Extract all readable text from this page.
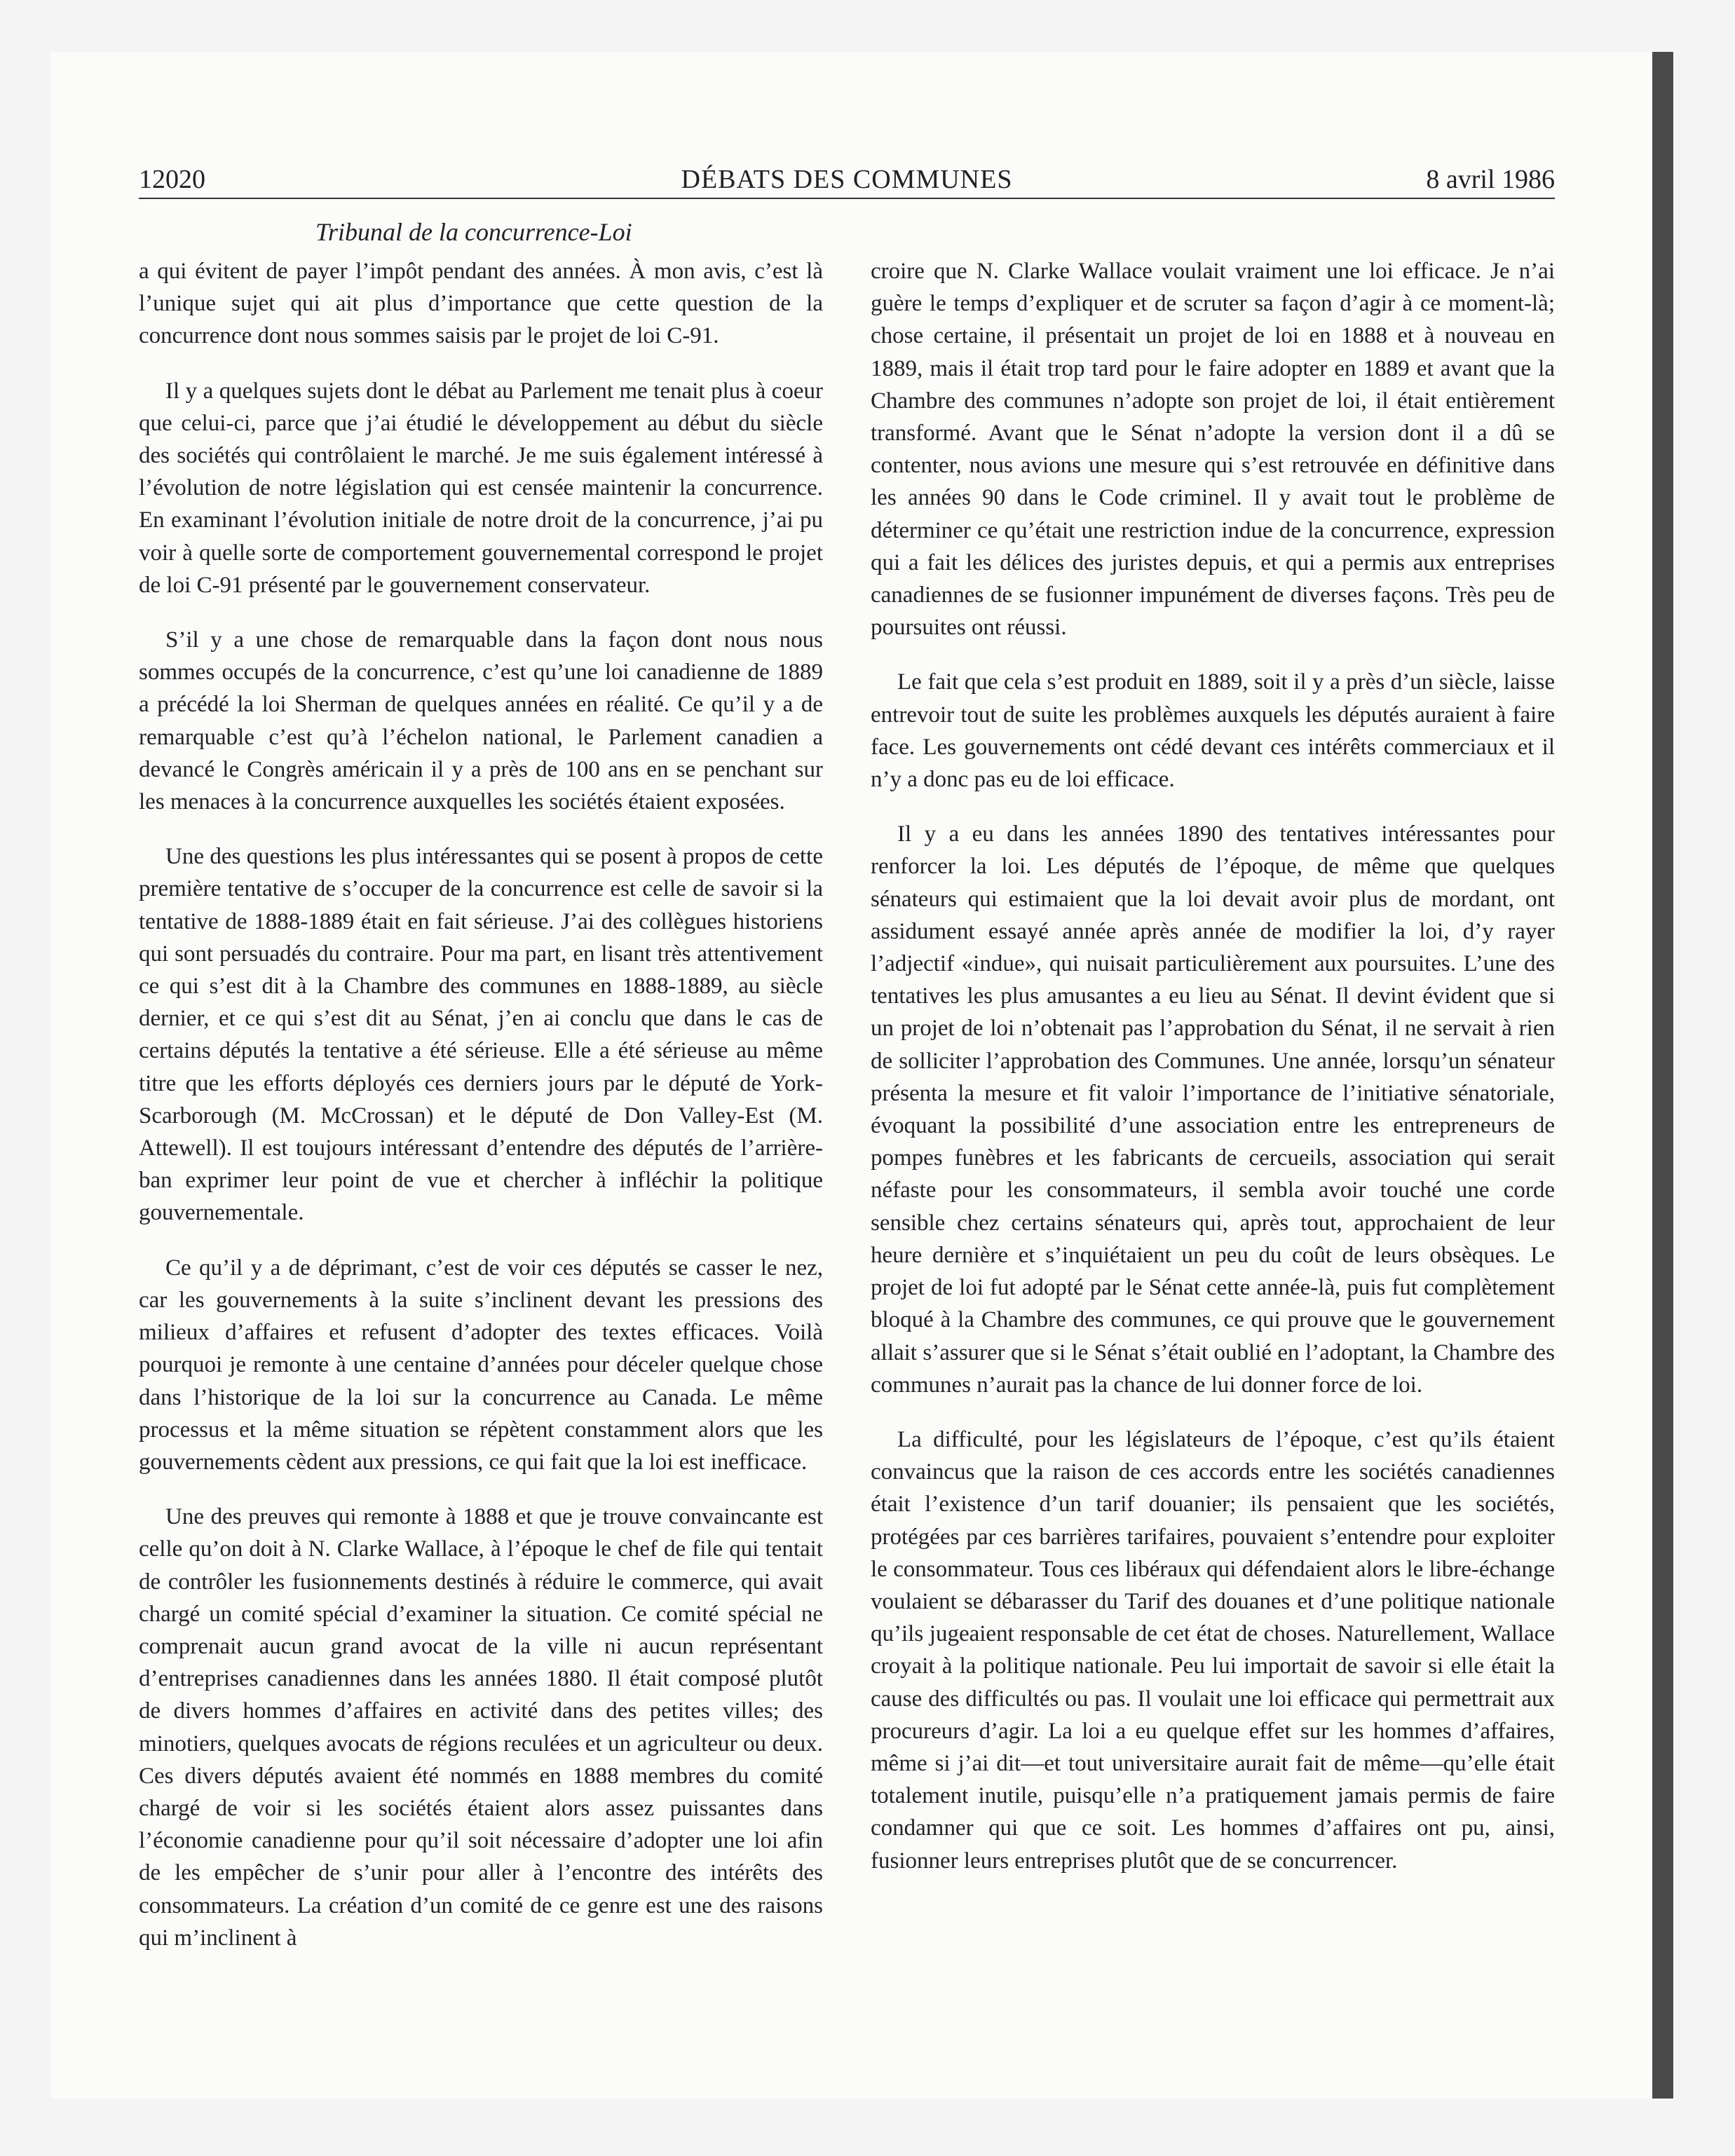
12020	DÉBATS DES COMMUNES	8 avril 1986
Tribunal de la concurrence-Loi

a qui évitent de payer l’impôt pendant des années. À mon avis, c’est là l’unique sujet qui ait plus d’importance que cette question de la concurrence dont nous sommes saisis par le projet de loi C-91.

Il y a quelques sujets dont le débat au Parlement me tenait plus à coeur que celui-ci, parce que j’ai étudié le développement au début du siècle des sociétés qui contrôlaient le marché. Je me suis également intéressé à l’évolution de notre législation qui est censée maintenir la concurrence. En examinant l’évolution initiale de notre droit de la concurrence, j’ai pu voir à quelle sorte de comportement gouvernemental correspond le projet de loi C-91 présenté par le gouvernement conservateur.

S’il y a une chose de remarquable dans la façon dont nous nous sommes occupés de la concurrence, c’est qu’une loi canadienne de 1889 a précédé la loi Sherman de quelques années en réalité. Ce qu’il y a de remarquable c’est qu’à l’échelon national, le Parlement canadien a devancé le Congrès américain il y a près de 100 ans en se penchant sur les menaces à la concurrence auxquelles les sociétés étaient exposées.

Une des questions les plus intéressantes qui se posent à propos de cette première tentative de s’occuper de la concurrence est celle de savoir si la tentative de 1888-1889 était en fait sérieuse. J’ai des collègues historiens qui sont persuadés du contraire. Pour ma part, en lisant très attentivement ce qui s’est dit à la Chambre des communes en 1888-1889, au siècle dernier, et ce qui s’est dit au Sénat, j’en ai conclu que dans le cas de certains députés la tentative a été sérieuse. Elle a été sérieuse au même titre que les efforts déployés ces derniers jours par le député de York-Scarborough (M. McCrossan) et le député de Don Valley-Est (M. Attewell). Il est toujours intéressant d’entendre des députés de l’arrière-ban exprimer leur point de vue et chercher à infléchir la politique gouvernementale.

Ce qu’il y a de déprimant, c’est de voir ces députés se casser le nez, car les gouvernements à la suite s’inclinent devant les pressions des milieux d’affaires et refusent d’adopter des textes efficaces. Voilà pourquoi je remonte à une centaine d’années pour déceler quelque chose dans l’historique de la loi sur la concurrence au Canada. Le même processus et la même situation se répètent constamment alors que les gouvernements cèdent aux pressions, ce qui fait que la loi est inefficace.

Une des preuves qui remonte à 1888 et que je trouve convaincante est celle qu’on doit à N. Clarke Wallace, à l’époque le chef de file qui tentait de contrôler les fusionnements destinés à réduire le commerce, qui avait chargé un comité spécial d’examiner la situation. Ce comité spécial ne comprenait aucun grand avocat de la ville ni aucun représentant d’entreprises canadiennes dans les années 1880. Il était composé plutôt de divers hommes d’affaires en activité dans des petites villes; des minotiers, quelques avocats de régions reculées et un agriculteur ou deux. Ces divers députés avaient été nommés en 1888 membres du comité chargé de voir si les sociétés étaient alors assez puissantes dans l’économie canadienne pour qu’il soit nécessaire d’adopter une loi afin de les empêcher de s’unir pour aller à l’encontre des intérêts des consommateurs. La création d’un comité de ce genre est une des raisons qui m’inclinent à

croire que N. Clarke Wallace voulait vraiment une loi efficace. Je n’ai guère le temps d’expliquer et de scruter sa façon d’agir à ce moment-là; chose certaine, il présentait un projet de loi en 1888 et à nouveau en 1889, mais il était trop tard pour le faire adopter en 1889 et avant que la Chambre des communes n’adopte son projet de loi, il était entièrement transformé. Avant que le Sénat n’adopte la version dont il a dû se contenter, nous avions une mesure qui s’est retrouvée en définitive dans les années 90 dans le Code criminel. Il y avait tout le problème de déterminer ce qu’était une restriction indue de la concurrence, expression qui a fait les délices des juristes depuis, et qui a permis aux entreprises canadiennes de se fusionner impunément de diverses façons. Très peu de poursuites ont réussi.

Le fait que cela s’est produit en 1889, soit il y a près d’un siècle, laisse entrevoir tout de suite les problèmes auxquels les députés auraient à faire face. Les gouvernements ont cédé devant ces intérêts commerciaux et il n’y a donc pas eu de loi efficace.

Il y a eu dans les années 1890 des tentatives intéressantes pour renforcer la loi. Les députés de l’époque, de même que quelques sénateurs qui estimaient que la loi devait avoir plus de mordant, ont assidument essayé année après année de modifier la loi, d’y rayer l’adjectif «indue», qui nuisait particulièrement aux poursuites. L’une des tentatives les plus amusantes a eu lieu au Sénat. Il devint évident que si un projet de loi n’obtenait pas l’approbation du Sénat, il ne servait à rien de solliciter l’approbation des Communes. Une année, lorsqu’un sénateur présenta la mesure et fit valoir l’importance de l’initiative sénatoriale, évoquant la possibilité d’une association entre les entrepreneurs de pompes funèbres et les fabricants de cercueils, association qui serait néfaste pour les consommateurs, il sembla avoir touché une corde sensible chez certains sénateurs qui, après tout, approchaient de leur heure dernière et s’inquiétaient un peu du coût de leurs obsèques. Le projet de loi fut adopté par le Sénat cette année-là, puis fut complètement bloqué à la Chambre des communes, ce qui prouve que le gouvernement allait s’assurer que si le Sénat s’était oublié en l’adoptant, la Chambre des communes n’aurait pas la chance de lui donner force de loi.

La difficulté, pour les législateurs de l’époque, c’est qu’ils étaient convaincus que la raison de ces accords entre les sociétés canadiennes était l’existence d’un tarif douanier; ils pensaient que les sociétés, protégées par ces barrières tarifaires, pouvaient s’entendre pour exploiter le consommateur. Tous ces libéraux qui défendaient alors le libre-échange voulaient se débarasser du Tarif des douanes et d’une politique nationale qu’ils jugeaient responsable de cet état de choses. Naturellement, Wallace croyait à la politique nationale. Peu lui importait de savoir si elle était la cause des difficultés ou pas. Il voulait une loi efficace qui permettrait aux procureurs d’agir. La loi a eu quelque effet sur les hommes d’affaires, même si j’ai dit—et tout universitaire aurait fait de même—qu’elle était totalement inutile, puisqu’elle n’a pratiquement jamais permis de faire condamner qui que ce soit. Les hommes d’affaires ont pu, ainsi, fusionner leurs entreprises plutôt que de se concurrencer.
